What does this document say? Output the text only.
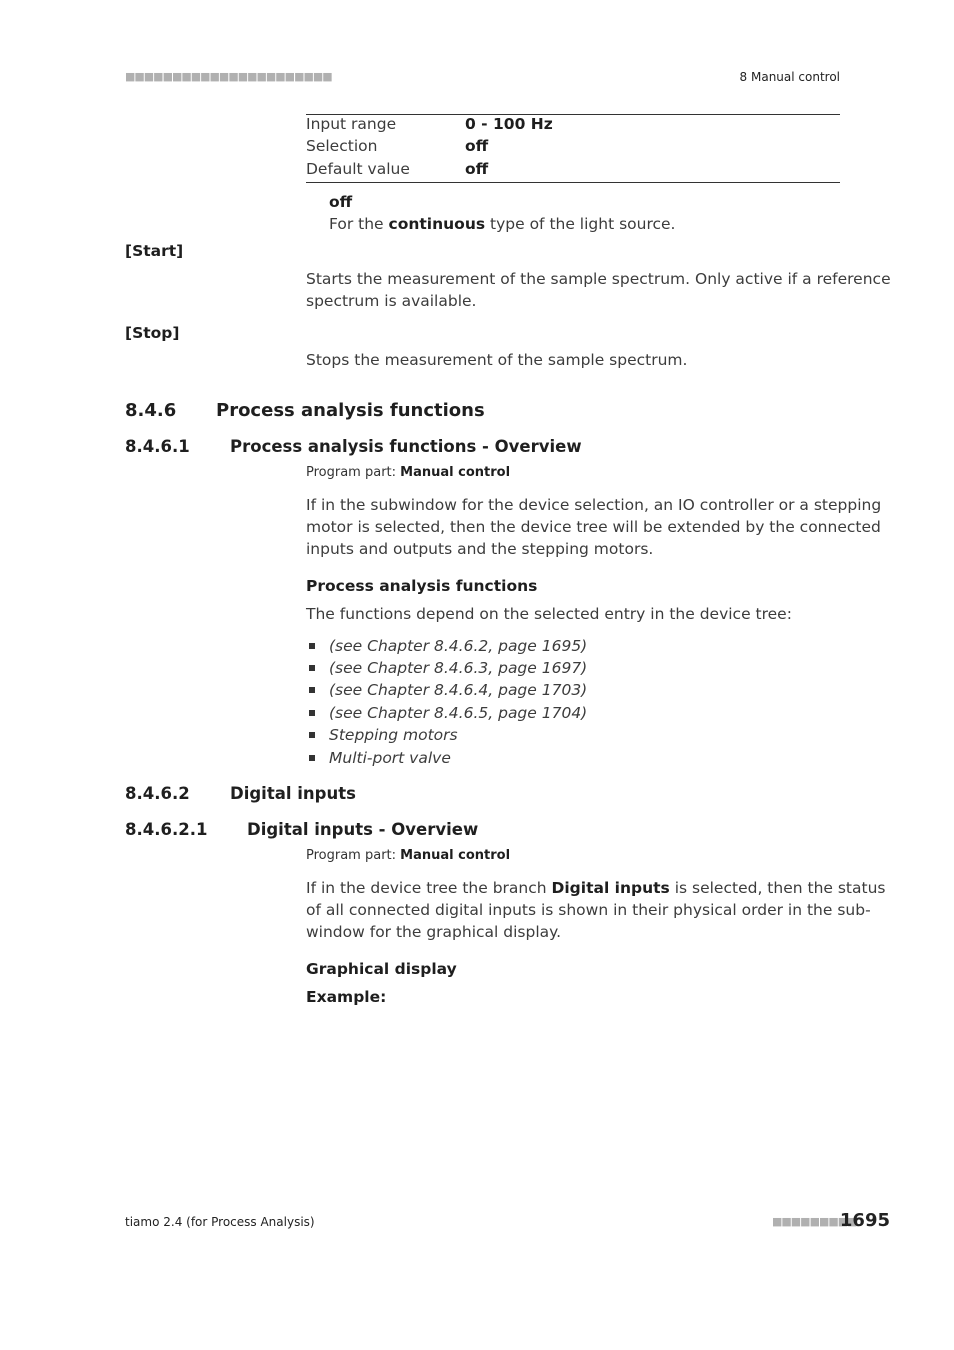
■■■■■■■■■■■■■■■■■■■■■■	8 Manual control
Input range	0 - 100 Hz
Selection	off
Default value	off
off
For the continuous type of the light source.
[Start]
Starts the measurement of the sample spectrum. Only active if a reference
spectrum is available.
[Stop]
Stops the measurement of the sample spectrum.
8.4.6 Process analysis functions
8.4.6.1 Process analysis functions - Overview
Program part: Manual control
If in the subwindow for the device selection, an IO controller or a stepping
motor is selected, then the device tree will be extended by the connected
inputs and outputs and the stepping motors.
Process analysis functions
The functions depend on the selected entry in the device tree:
(see Chapter 8.4.6.2, page 1695)
(see Chapter 8.4.6.3, page 1697)
(see Chapter 8.4.6.4, page 1703)
(see Chapter 8.4.6.5, page 1704)
Stepping motors
Multi-port valve
8.4.6.2 Digital inputs
8.4.6.2.1 Digital inputs - Overview
Program part: Manual control
If in the device tree the branch Digital inputs is selected, then the status
of all connected digital inputs is shown in their physical order in the sub-
window for the graphical display.
Graphical display
Example:
tiamo 2.4 (for Process Analysis)	■■■■■■■■■
1695
